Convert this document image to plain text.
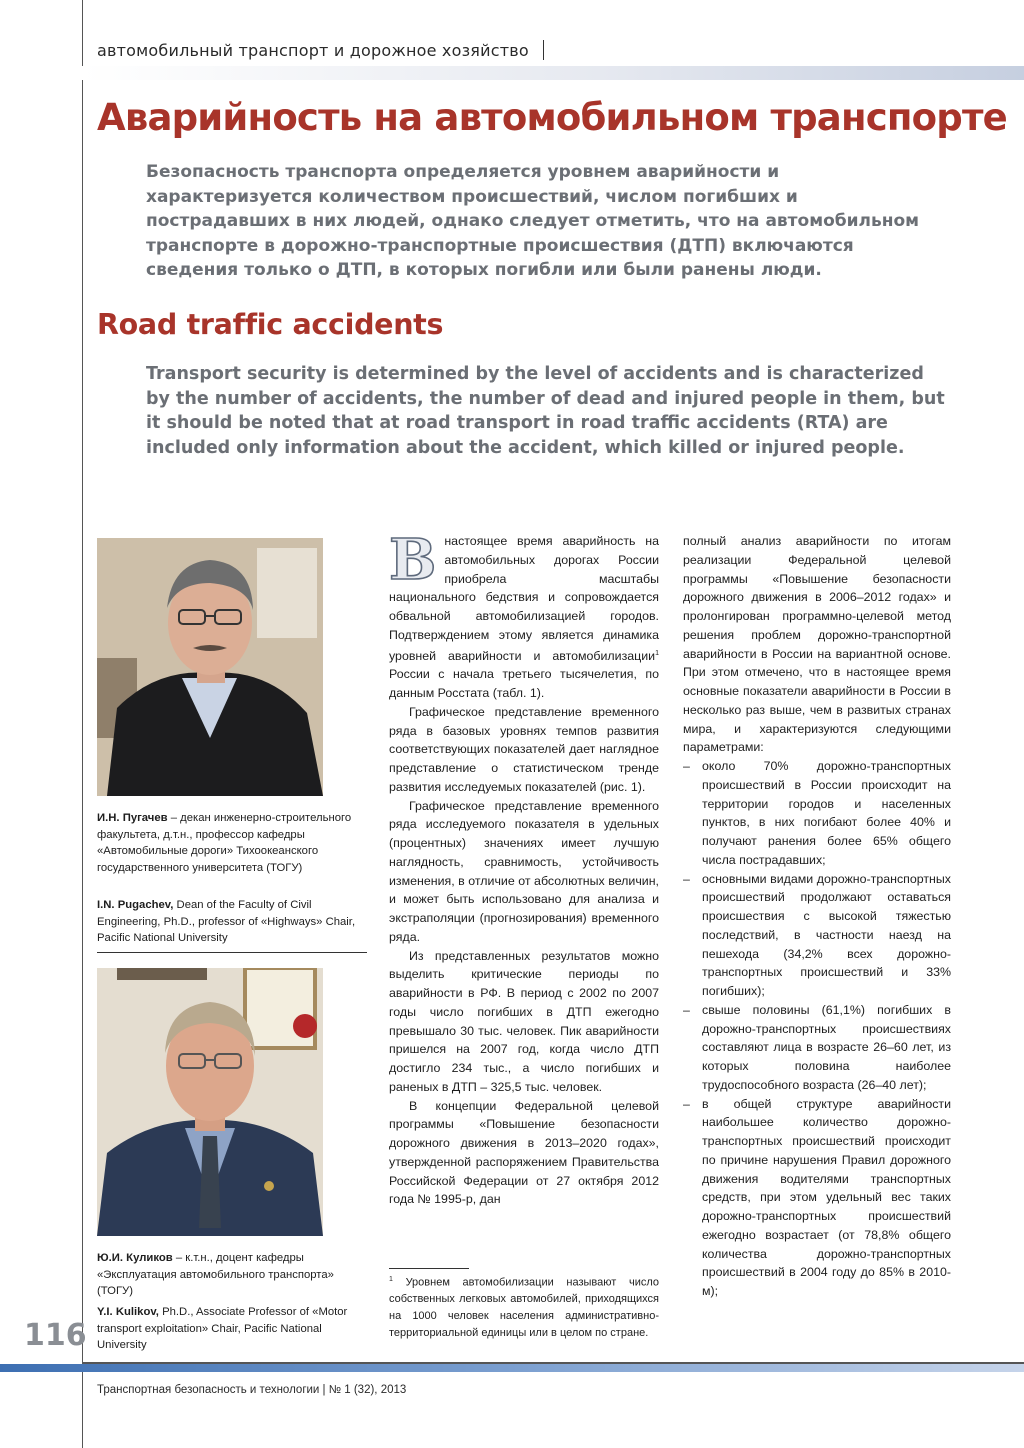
автомобильный транспорт и дорожное хозяйство
Аварийность на автомобильном транспорте

Безопасность транспорта определяется уровнем аварийности и характеризуется количеством происшествий, числом погибших и пострадавших в них людей, однако следует отметить, что на автомобильном транспорте в дорожно-транспортные происшествия (ДТП) включаются сведения только о ДТП, в которых погибли или были ранены люди.

Road traffic accidents

Transport security is determined by the level of accidents and is characterized by the number of accidents, the number of dead and injured people in them, but it should be noted that at road transport in road traffic accidents (RTA) are included only information about the accident, which killed or injured people.

И.Н. Пугачев – декан инженерно-строительного факультета, д.т.н., профессор кафедры «Автомобильные дороги» Тихоокеанского государственного университета (ТОГУ)
I.N. Pugachev, Dean of the Faculty of Civil Engineering, Ph.D., professor of «Highways» Chair, Pacific National University
Ю.И. Куликов – к.т.н., доцент кафедры «Эксплуатация автомобильного транспорта» (ТОГУ)
Y.I. Kulikov, Ph.D., Associate Professor of «Motor transport exploitation» Chair, Pacific National University

В настоящее время аварийность на автомобильных дорогах России приобрела масштабы национального бедствия и сопровождается обвальной автомобилизацией городов. Подтверждением этому является динамика уровней аварийности и автомобилизации$^1$ России с начала третьего тысячелетия, по данным Росстата (табл. 1).

Графическое представление временного ряда в базовых уровнях темпов развития соответствующих показателей дает наглядное представление о статистическом тренде развития исследуемых показателей (рис. 1).

Графическое представление временного ряда исследуемого показателя в удельных (процентных) значениях имеет лучшую наглядность, сравнимость, устойчивость изменения, в отличие от абсолютных величин, и может быть использовано для анализа и экстраполяции (прогнозирования) временного ряда.

Из представленных результатов можно выделить критические периоды по аварийности в РФ. В период с 2002 по 2007 годы число погибших в ДТП ежегодно превышало 30 тыс. человек. Пик аварийности пришелся на 2007 год, когда число ДТП достигло 234 тыс., а число погибших и раненых в ДТП – 325,5 тыс. человек.

В концепции Федеральной целевой программы «Повышение безопасности дорожного движения в 2013–2020 годах», утвержденной распоряжением Правительства Российской Федерации от 27 октября 2012 года № 1995-р, дан

$^1$ Уровнем автомобилизации называют число собственных легковых автомобилей, приходящихся на 1000 человек населения административно-территориальной единицы или в целом по стране.

полный анализ аварийности по итогам реализации Федеральной целевой программы «Повышение безопасности дорожного движения в 2006–2012 годах» и пролонгирован программно-целевой метод решения проблем дорожно-транспортной аварийности в России на вариантной основе. При этом отмечено, что в настоящее время основные показатели аварийности в России в несколько раз выше, чем в развитых странах мира, и характеризуются следующими параметрами:

– около 70% дорожно-транспортных происшествий в России происходит на территории городов и населенных пунктов, в них погибают более 40% и получают ранения более 65% общего числа пострадавших;
– основными видами дорожно-транспортных происшествий продолжают оставаться происшествия с высокой тяжестью последствий, в частности наезд на пешехода (34,2% всех дорожно-транспортных происшествий и 33% погибших);
– свыше половины (61,1%) погибших в дорожно-транспортных происшествиях составляют лица в возрасте 26–60 лет, из которых половина наиболее трудоспособного возраста (26–40 лет);
– в общей структуре аварийности наибольшее количество дорожно-транспортных происшествий происходит по причине нарушения Правил дорожного движения водителями транспортных средств, при этом удельный вес таких дорожно-транспортных происшествий ежегодно возрастает (от 78,8% общего количества дорожно-транспортных происшествий в 2004 году до 85% в 2010-м);
116
Транспортная безопасность и технологии | № 1 (32), 2013
